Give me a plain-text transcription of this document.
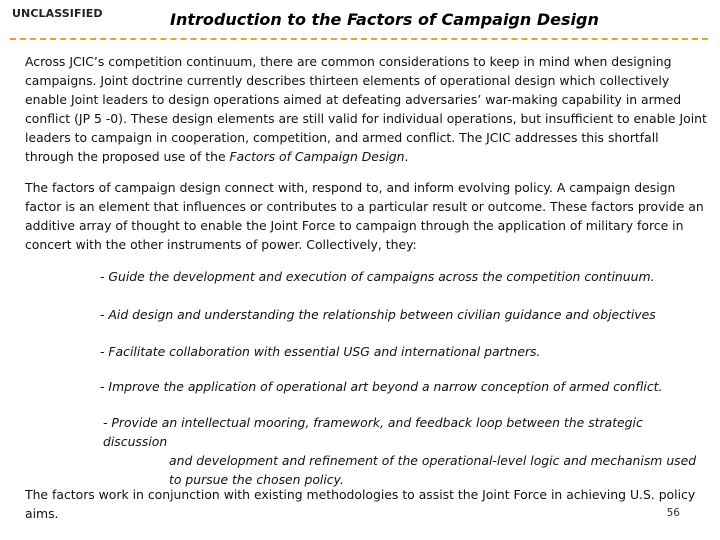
UNCLASSIFIED	Introduction to the Factors of Campaign Design

Across JCIC’s competition continuum, there are common considerations to keep in mind when designing campaigns. Joint doctrine currently describes thirteen elements of operational design which collectively enable Joint leaders to design operations aimed at defeating adversaries’ war-making capability in armed conflict (JP 5 -0). These design elements are still valid for individual operations, but insufficient to enable Joint leaders to campaign in cooperation, competition, and armed conflict. The JCIC addresses this shortfall through the proposed use of the Factors of Campaign Design.

The factors of campaign design connect with, respond to, and inform evolving policy. A campaign design factor is an element that influences or contributes to a particular result or outcome. These factors provide an additive array of thought to enable the Joint Force to campaign through the application of military force in concert with the other instruments of power. Collectively, they:

- Guide the development and execution of campaigns across the competition continuum.

- Aid design and understanding the relationship between civilian guidance and objectives

- Facilitate collaboration with essential USG and international partners.

- Improve the application of operational art beyond a narrow conception of armed conflict.

- Provide an intellectual mooring, framework, and feedback loop between the strategic discussion
and development and refinement of the operational-level logic and mechanism used
to pursue the chosen policy.

The factors work in conjunction with existing methodologies to assist the Joint Force in achieving U.S. policy aims.	56
